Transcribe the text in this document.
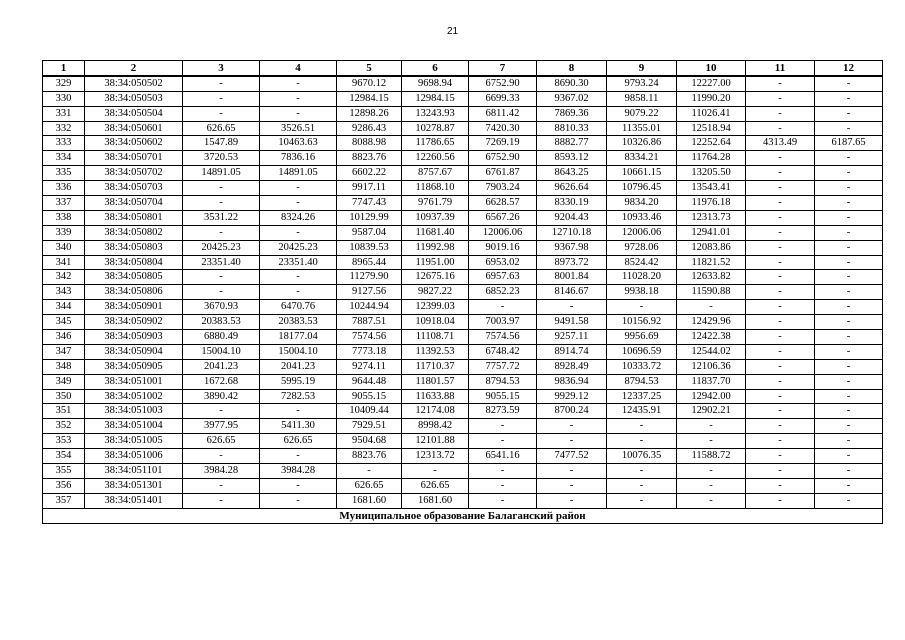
21
1	2	3	4	5	6	7	8	9	10	11	12
329	38:34:050502	-	-	9670.12	9698.94	6752.90	8690.30	9793.24	12227.00	-	-
330	38:34:050503	-	-	12984.15	12984.15	6699.33	9367.02	9858.11	11990.20	-	-
331	38:34:050504	-	-	12898.26	13243.93	6811.42	7869.36	9079.22	11026.41	-	-
332	38:34:050601	626.65	3526.51	9286.43	10278.87	7420.30	8810.33	11355.01	12518.94	-	-
333	38:34:050602	1547.89	10463.63	8088.98	11786.65	7269.19	8882.77	10326.86	12252.64	4313.49	6187.65
334	38:34:050701	3720.53	7836.16	8823.76	12260.56	6752.90	8593.12	8334.21	11764.28	-	-
335	38:34:050702	14891.05	14891.05	6602.22	8757.67	6761.87	8643.25	10661.15	13205.50	-	-
336	38:34:050703	-	-	9917.11	11868.10	7903.24	9626.64	10796.45	13543.41	-	-
337	38:34:050704	-	-	7747.43	9761.79	6628.57	8330.19	9834.20	11976.18	-	-
338	38:34:050801	3531.22	8324.26	10129.99	10937.39	6567.26	9204.43	10933.46	12313.73	-	-
339	38:34:050802	-	-	9587.04	11681.40	12006.06	12710.18	12006.06	12941.01	-	-
340	38:34:050803	20425.23	20425.23	10839.53	11992.98	9019.16	9367.98	9728.06	12083.86	-	-
341	38:34:050804	23351.40	23351.40	8965.44	11951.00	6953.02	8973.72	8524.42	11821.52	-	-
342	38:34:050805	-	-	11279.90	12675.16	6957.63	8001.84	11028.20	12633.82	-	-
343	38:34:050806	-	-	9127.56	9827.22	6852.23	8146.67	9938.18	11590.88	-	-
344	38:34:050901	3670.93	6470.76	10244.94	12399.03	-	-	-	-	-	-
345	38:34:050902	20383.53	20383.53	7887.51	10918.04	7003.97	9491.58	10156.92	12429.96	-	-
346	38:34:050903	6880.49	18177.04	7574.56	11108.71	7574.56	9257.11	9956.69	12422.38	-	-
347	38:34:050904	15004.10	15004.10	7773.18	11392.53	6748.42	8914.74	10696.59	12544.02	-	-
348	38:34:050905	2041.23	2041.23	9274.11	11710.37	7757.72	8928.49	10333.72	12106.36	-	-
349	38:34:051001	1672.68	5995.19	9644.48	11801.57	8794.53	9836.94	8794.53	11837.70	-	-
350	38:34:051002	3890.42	7282.53	9055.15	11633.88	9055.15	9929.12	12337.25	12942.00	-	-
351	38:34:051003	-	-	10409.44	12174.08	8273.59	8700.24	12435.91	12902.21	-	-
352	38:34:051004	3977.95	5411.30	7929.51	8998.42	-	-	-	-	-	-
353	38:34:051005	626.65	626.65	9504.68	12101.88	-	-	-	-	-	-
354	38:34:051006	-	-	8823.76	12313.72	6541.16	7477.52	10076.35	11588.72	-	-
355	38:34:051101	3984.28	3984.28	-	-	-	-	-	-	-	-
356	38:34:051301	-	-	626.65	626.65	-	-	-	-	-	-
357	38:34:051401	-	-	1681.60	1681.60	-	-	-	-	-	-
Муниципальное образование Балаганский район											
